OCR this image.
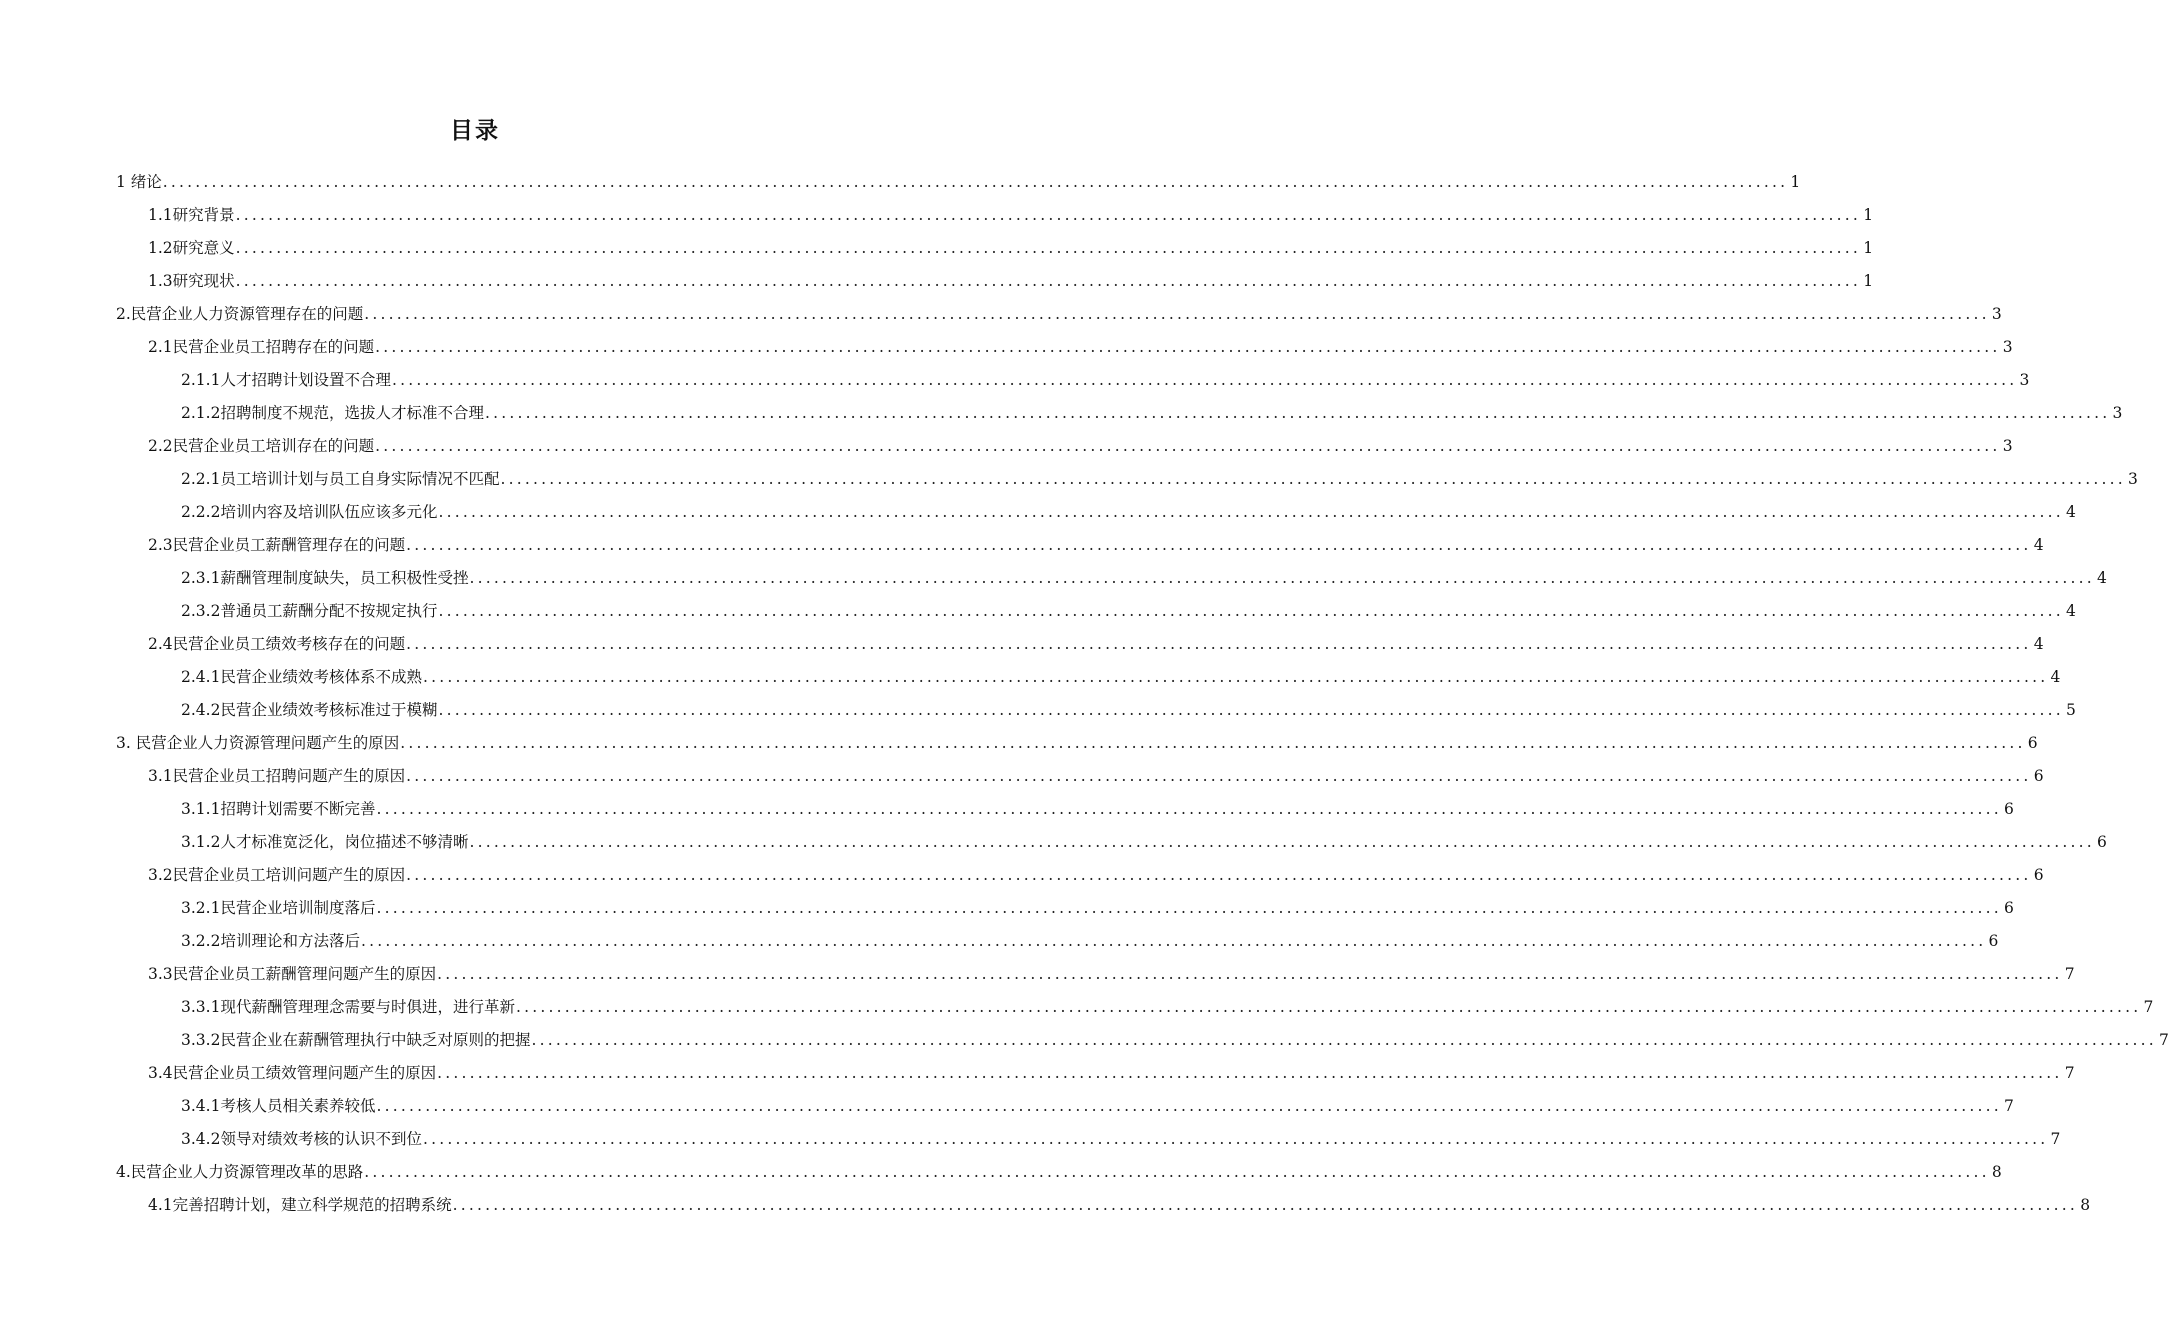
目录
1 绪论 ........................................................................................................................................................................................................ 1
1.1研究背景 ........................................................................................................................................................................................................ 1
1.2研究意义 ........................................................................................................................................................................................................ 1
1.3研究现状 ........................................................................................................................................................................................................ 1
2.民营企业人力资源管理存在的问题 ........................................................................................................................................................................................................ 3
2.1民营企业员工招聘存在的问题 ........................................................................................................................................................................................................ 3
2.1.1人才招聘计划设置不合理 ........................................................................................................................................................................................................ 3
2.1.2招聘制度不规范，选拔人才标准不合理 ........................................................................................................................................................................................................ 3
2.2民营企业员工培训存在的问题 ........................................................................................................................................................................................................ 3
2.2.1员工培训计划与员工自身实际情况不匹配 ........................................................................................................................................................................................................ 3
2.2.2培训内容及培训队伍应该多元化 ........................................................................................................................................................................................................ 4
2.3民营企业员工薪酬管理存在的问题 ........................................................................................................................................................................................................ 4
2.3.1薪酬管理制度缺失，员工积极性受挫 ........................................................................................................................................................................................................ 4
2.3.2普通员工薪酬分配不按规定执行 ........................................................................................................................................................................................................ 4
2.4民营企业员工绩效考核存在的问题 ........................................................................................................................................................................................................ 4
2.4.1民营企业绩效考核体系不成熟 ........................................................................................................................................................................................................ 4
2.4.2民营企业绩效考核标准过于模糊 ........................................................................................................................................................................................................ 5
3. 民营企业人力资源管理问题产生的原因 ........................................................................................................................................................................................................ 6
3.1民营企业员工招聘问题产生的原因 ........................................................................................................................................................................................................ 6
3.1.1招聘计划需要不断完善 ........................................................................................................................................................................................................ 6
3.1.2人才标准宽泛化，岗位描述不够清晰 ........................................................................................................................................................................................................ 6
3.2民营企业员工培训问题产生的原因 ........................................................................................................................................................................................................ 6
3.2.1民营企业培训制度落后 ........................................................................................................................................................................................................ 6
3.2.2培训理论和方法落后 ........................................................................................................................................................................................................ 6
3.3民营企业员工薪酬管理问题产生的原因 ........................................................................................................................................................................................................ 7
3.3.1现代薪酬管理理念需要与时俱进，进行革新 ........................................................................................................................................................................................................ 7
3.3.2民营企业在薪酬管理执行中缺乏对原则的把握 ........................................................................................................................................................................................................ 7
3.4民营企业员工绩效管理问题产生的原因 ........................................................................................................................................................................................................ 7
3.4.1考核人员相关素养较低 ........................................................................................................................................................................................................ 7
3.4.2领导对绩效考核的认识不到位 ........................................................................................................................................................................................................ 7
4.民营企业人力资源管理改革的思路 ........................................................................................................................................................................................................ 8
4.1完善招聘计划，建立科学规范的招聘系统 ........................................................................................................................................................................................................ 8
